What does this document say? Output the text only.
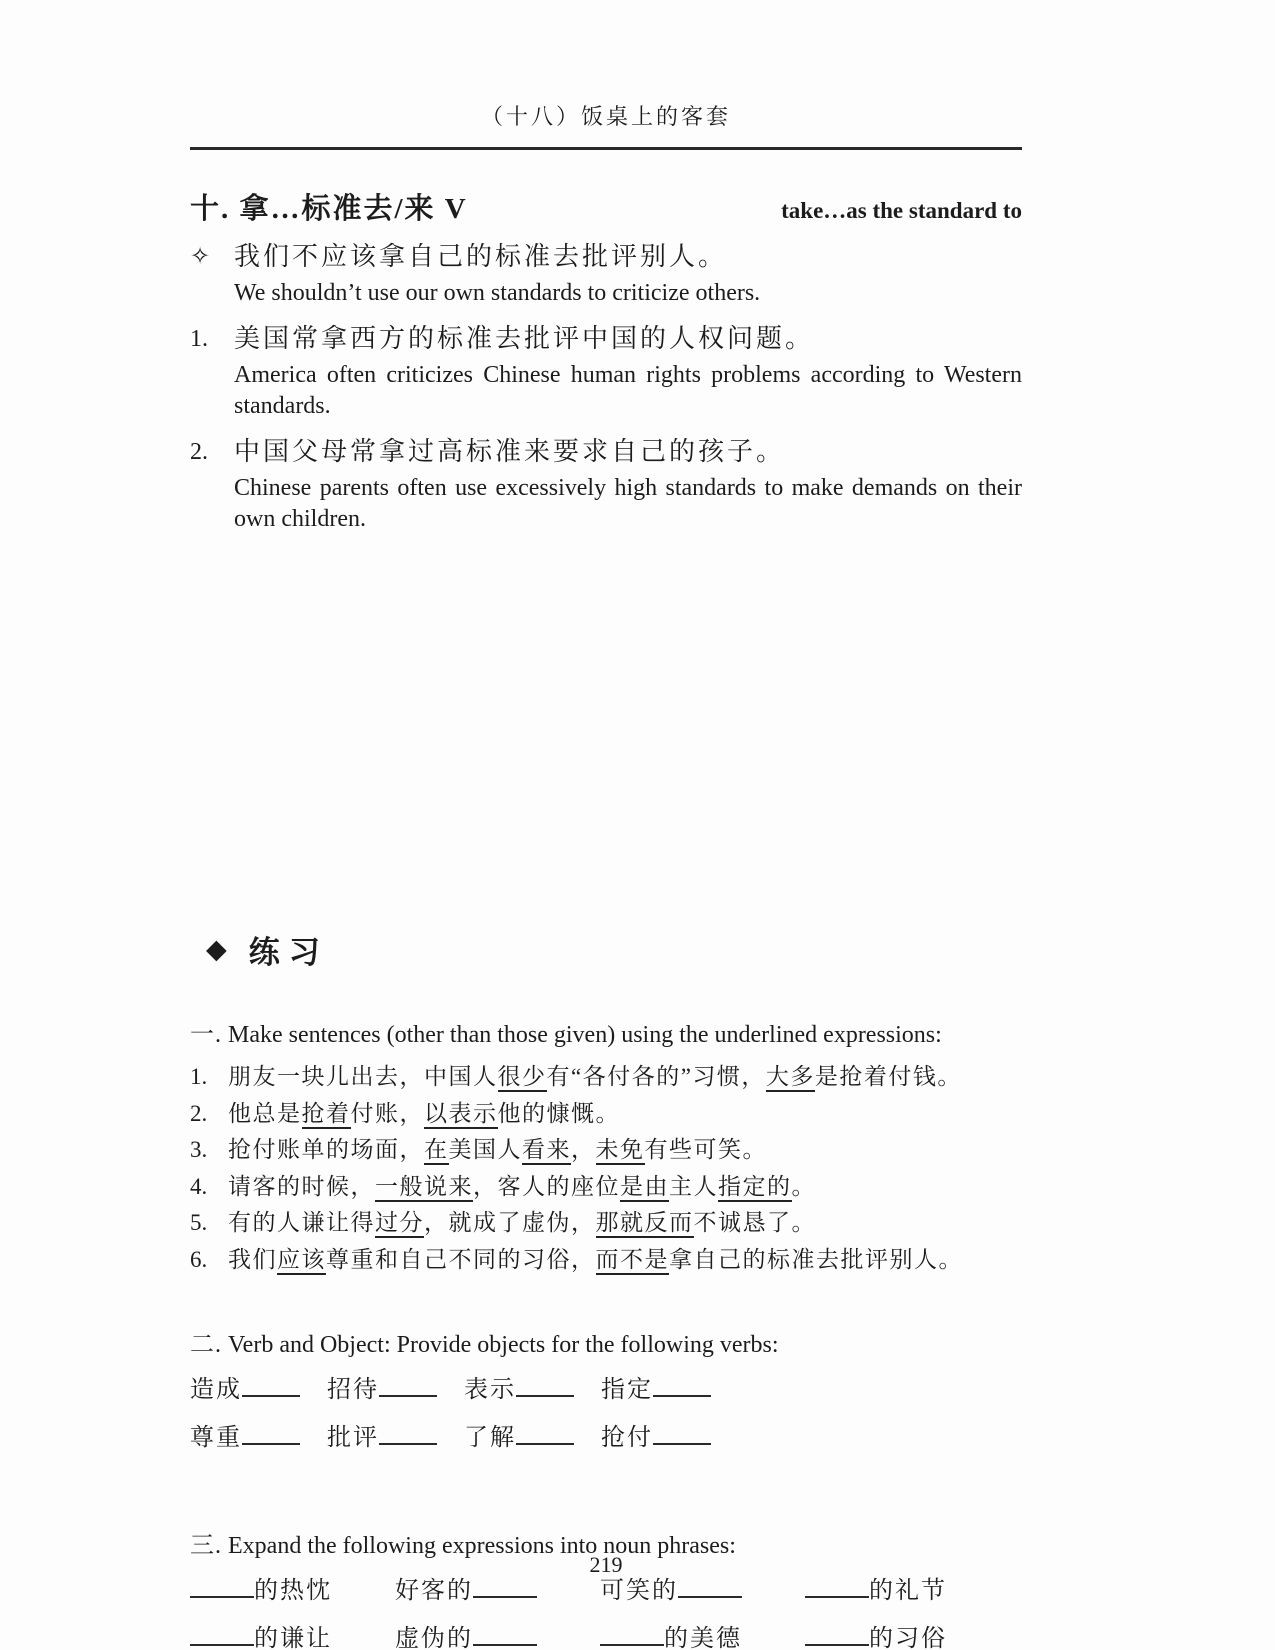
（十八）饭桌上的客套
十. 拿…标准去/来 V	take…as the standard to
✧ 我们不应该拿自己的标准去批评别人。
We shouldn’t use our own standards to criticize others.
1.	美国常拿西方的标准去批评中国的人权问题。
America often criticizes Chinese human rights problems according to Western standards.
2.	中国父母常拿过高标准来要求自己的孩子。
Chinese parents often use excessively high standards to make demands on their own children.
◆ 练习
一. Make sentences (other than those given) using the underlined expressions:
1. 朋友一块儿出去，中国人很少有“各付各的”习惯，大多是抢着付钱。
2. 他总是抢着付账，以表示他的慷慨。
3. 抢付账单的场面，在美国人看来，未免有些可笑。
4. 请客的时候，一般说来，客人的座位是由主人指定的。
5. 有的人谦让得过分，就成了虚伪，那就反而不诚恳了。
6. 我们应该尊重和自己不同的习俗，而不是拿自己的标准去批评别人。
二. Verb and Object: Provide objects for the following verbs:
造成	招待	表示	指定
尊重	批评	了解	抢付
三. Expand the following expressions into noun phrases:
的热忱	好客的	可笑的	的礼节
的谦让	虚伪的	的美德	的习俗
219
